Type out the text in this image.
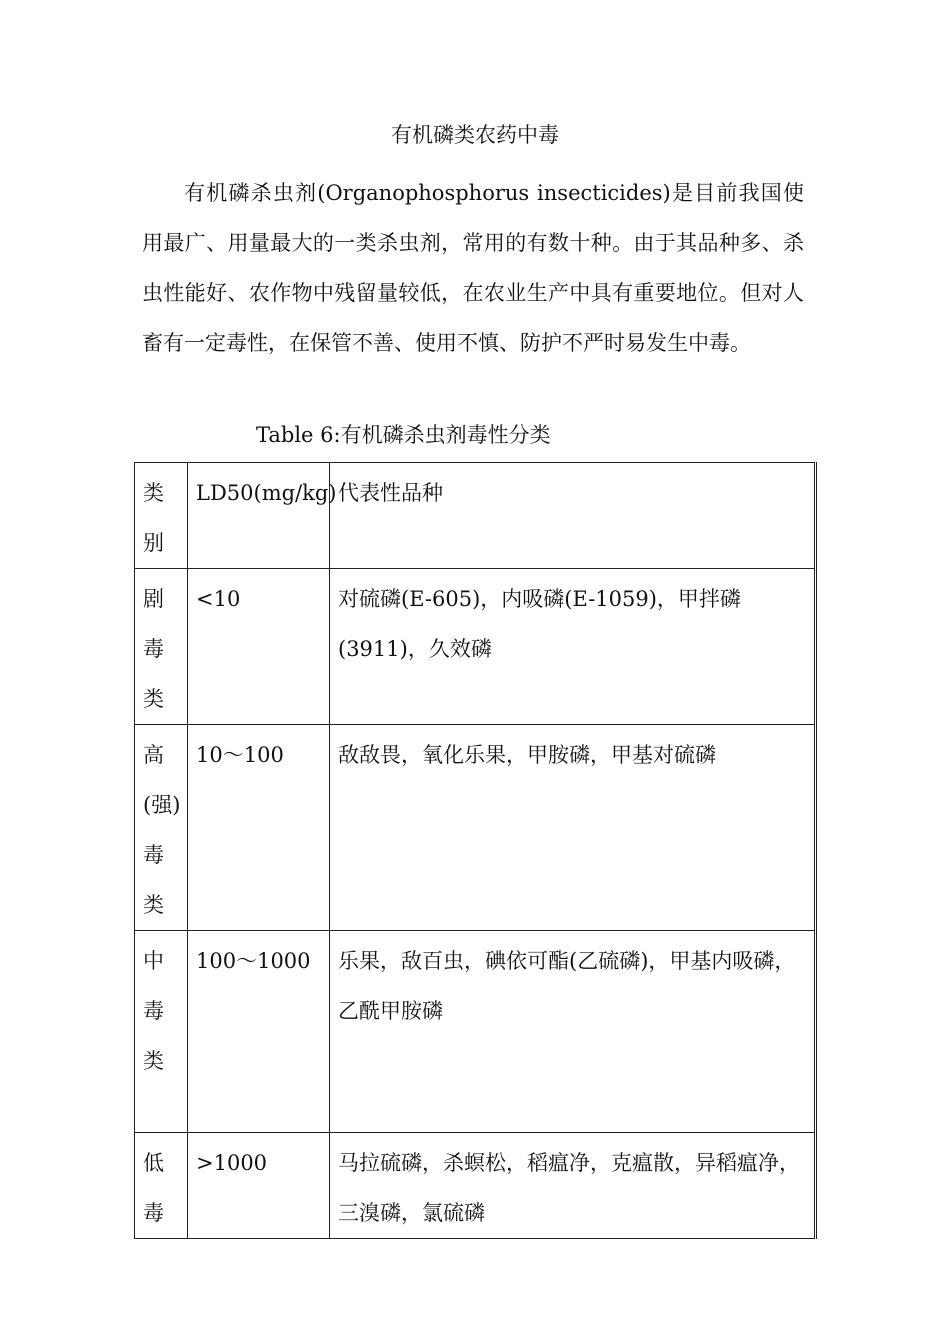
有机磷类农药中毒

有机磷杀虫剂(Organophosphorus insecticides)是目前我国使用最广、用量最大的一类杀虫剂，常用的有数十种。由于其品种多、杀虫性能好、农作物中残留量较低，在农业生产中具有重要地位。但对人畜有一定毒性，在保管不善、使用不慎、防护不严时易发生中毒。

Table 6:有机磷杀虫剂毒性分类
类
别	LD50(mg/kg)	代表性品种

剧
毒
类	<10	对硫磷(E-605)，内吸磷(E-1059)，甲拌磷(3911)，久效磷

高
(强)
毒
类	10～100	敌敌畏，氧化乐果，甲胺磷，甲基对硫磷

中
毒
类	100～1000	乐果，敌百虫，碘依可酯(乙硫磷)，甲基内吸磷，乙酰甲胺磷

低
毒	>1000	马拉硫磷，杀螟松，稻瘟净，克瘟散，异稻瘟净，三溴磷，氯硫磷
